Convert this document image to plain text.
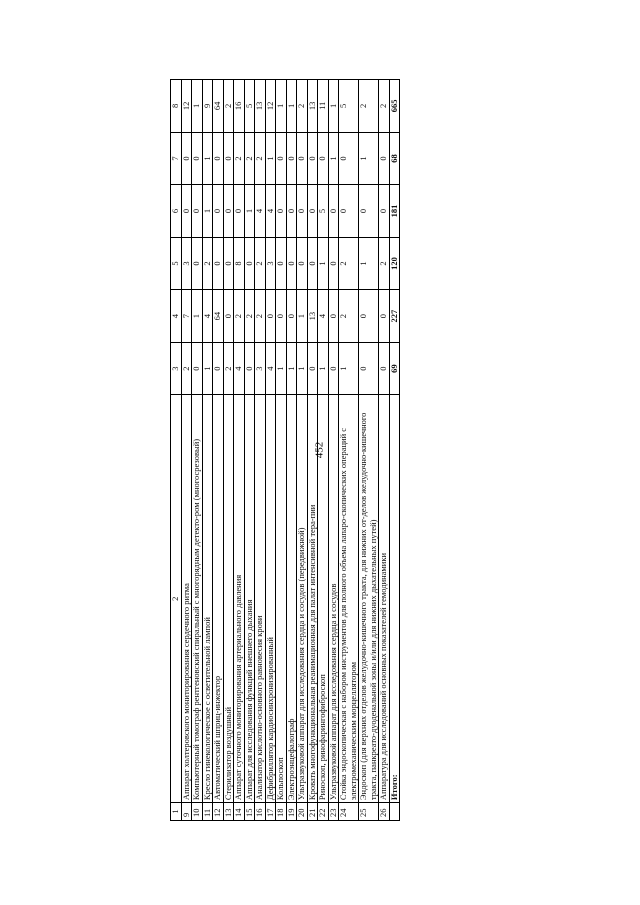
452
1	2	3	4	5	6	7	8
9	Аппарат холтеровского мониторирования сердечного ритма	2	7	3	0	0	12
10	Компьютерный томограф рентгеновский спиральный с многорядным детекто-ром (многосрезовый)	0	1	0	0	0	1
11	Кресло гинекологическое с осветительной лампой	1	4	2	1	1	9
12	Автоматический шприц-инжектор	0	64	0	0	0	64
13	Стерилизатор воздушный	2	0	0	0	0	2
14	Аппарат суточного мониторирования артериального давления	4	2	8	0	2	16
15	Аппарат для исследования функций внешнего дыхания	0	2	0	1	2	5
16	Анализатор кислотно-основного равновесия крови	3	2	2	4	2	13
17	Дефибриллятор кардиосинхронизированный	4	0	3	4	1	12
18	Кольпоскоп	1	0	0	0	0	1
19	Электроэнцефалограф	1	0	0	0	0	1
20	Ультразвуковой аппарат для исследования сердца и сосудов (передвижной)	1	1	0	0	0	2
21	Кровать многофункциональная реанимационная для палат интенсивной тера-пии	0	13	0	0	0	13
22	Риноскоп, ринофарингофиброскоп	1	4	1	5	0	11
23	Ультразвуковой аппарат для исследования сердца и сосудов	0	0	0	0	1	1
24	Стойка эндоскопическая с набором инструментов для полного объема лапаро-скопических операций с электромеханическим морцеллятором	1	2	2	0	0	5
25	Эндоскоп (для верхних отделов желудочно-кишечного тракта, для нижних от-делов желудочно-кишечного тракта, панкреато-дуоденальной зоны и/или для нижних дыхательных путей)	0	0	1	0	1	2
26	Аппаратура для исследований основных показателей гемодинамики	0	0	2	0	0	2
	Итого:	69	227	120	181	68	665
